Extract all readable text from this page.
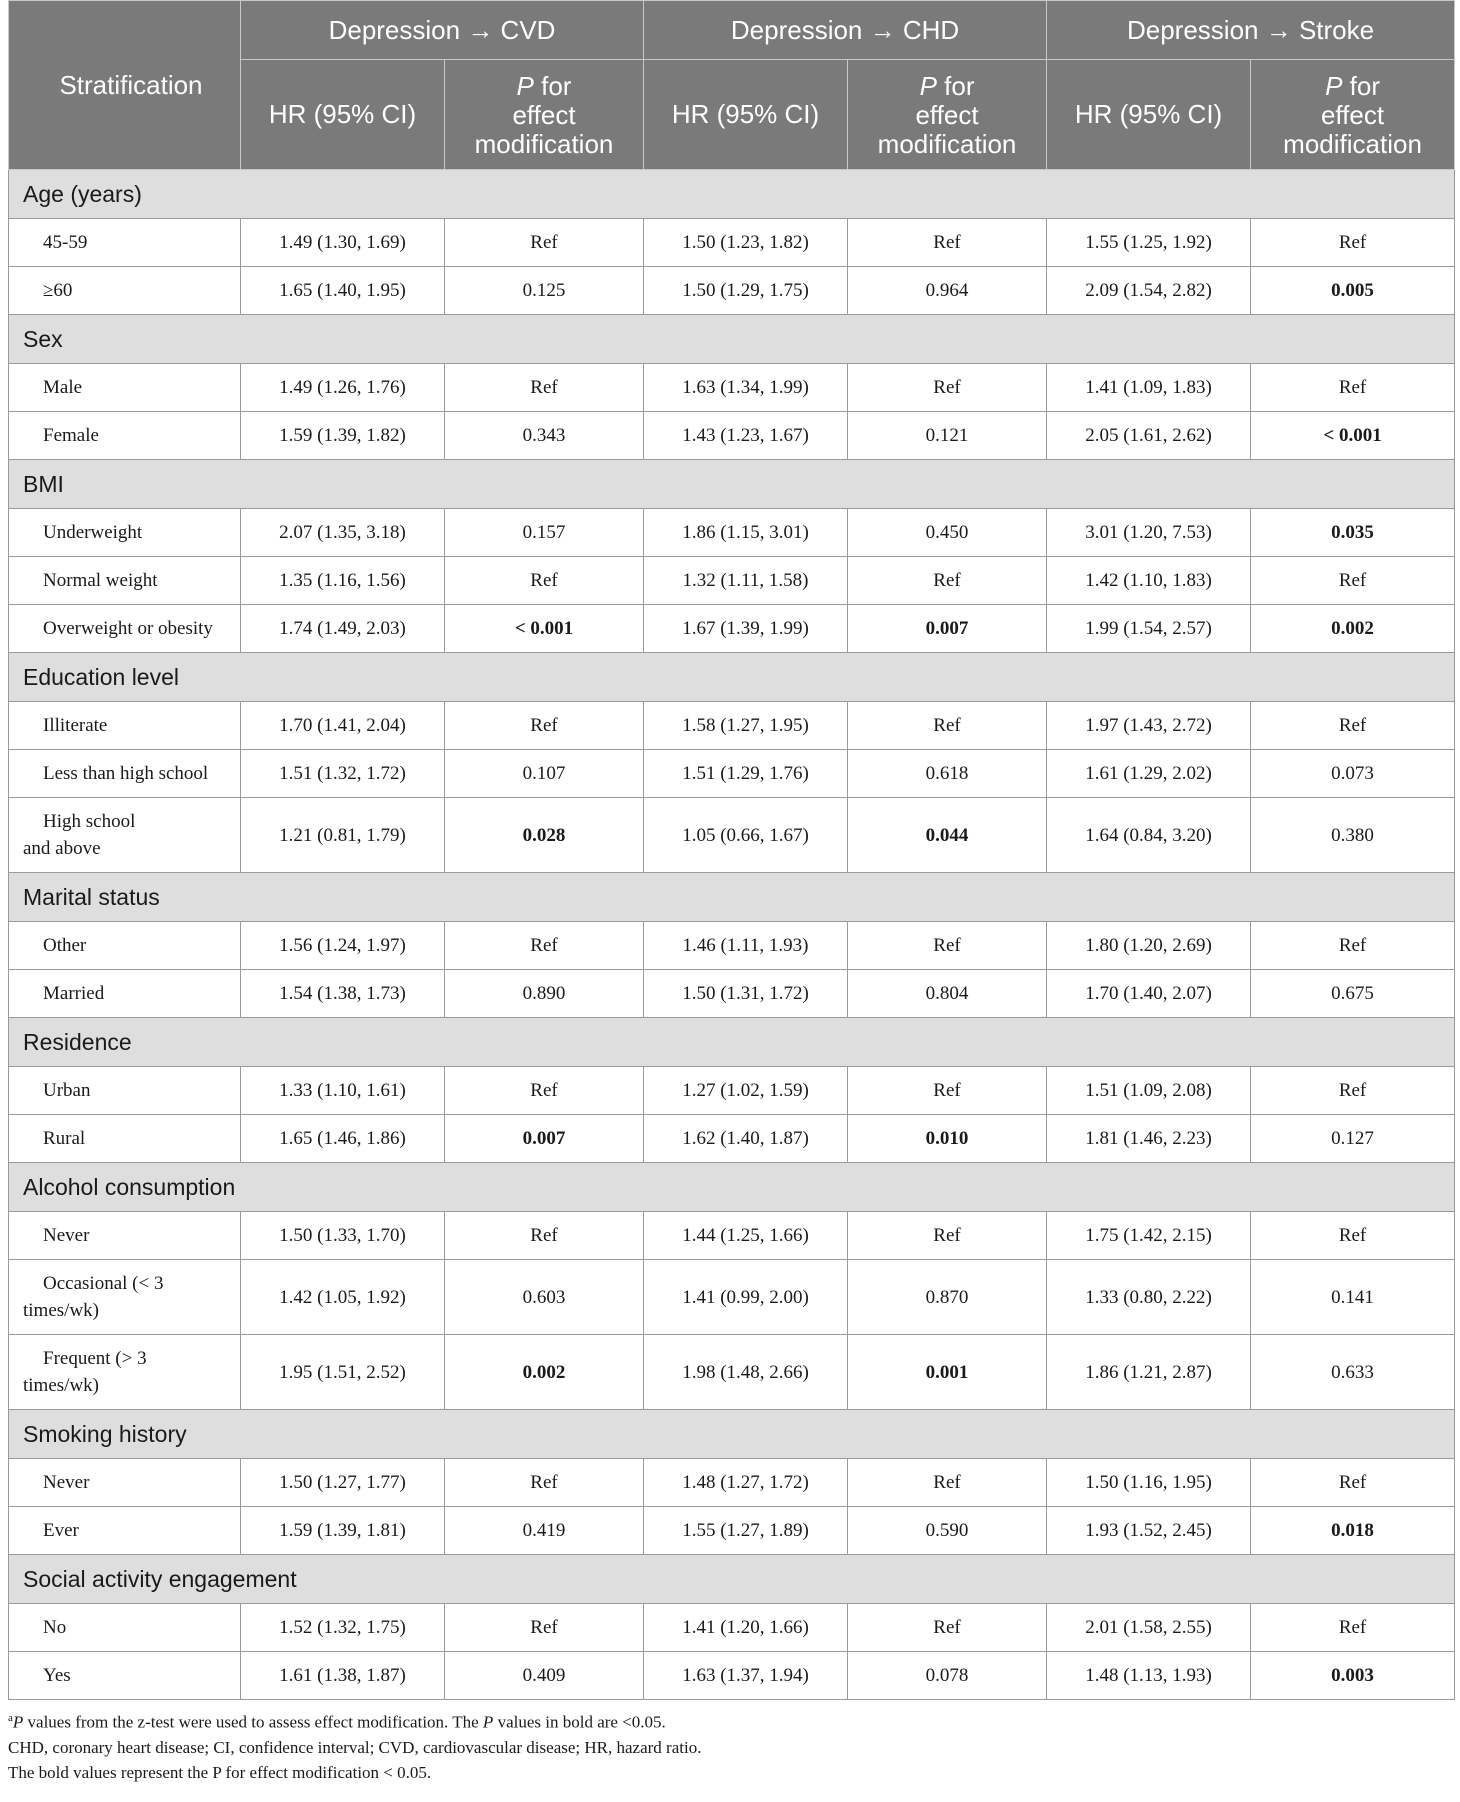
Stratification	Depression → CVD		Depression → CHD		Depression → Stroke	
	HR (95% CI)	P for
effect
modification	HR (95% CI)	P for
effect
modification	HR (95% CI)	P for
effect
modification
Age (years)						
45-59	1.49 (1.30, 1.69)	Ref	1.50 (1.23, 1.82)	Ref	1.55 (1.25, 1.92)	Ref
≥60	1.65 (1.40, 1.95)	0.125	1.50 (1.29, 1.75)	0.964	2.09 (1.54, 2.82)	0.005
Sex						
Male	1.49 (1.26, 1.76)	Ref	1.63 (1.34, 1.99)	Ref	1.41 (1.09, 1.83)	Ref
Female	1.59 (1.39, 1.82)	0.343	1.43 (1.23, 1.67)	0.121	2.05 (1.61, 2.62)	< 0.001
BMI						
Underweight	2.07 (1.35, 3.18)	0.157	1.86 (1.15, 3.01)	0.450	3.01 (1.20, 7.53)	0.035
Normal weight	1.35 (1.16, 1.56)	Ref	1.32 (1.11, 1.58)	Ref	1.42 (1.10, 1.83)	Ref
Overweight or obesity	1.74 (1.49, 2.03)	< 0.001	1.67 (1.39, 1.99)	0.007	1.99 (1.54, 2.57)	0.002
Education level						
Illiterate	1.70 (1.41, 2.04)	Ref	1.58 (1.27, 1.95)	Ref	1.97 (1.43, 2.72)	Ref
Less than high school	1.51 (1.32, 1.72)	0.107	1.51 (1.29, 1.76)	0.618	1.61 (1.29, 2.02)	0.073
High school
and above	1.21 (0.81, 1.79)	0.028	1.05 (0.66, 1.67)	0.044	1.64 (0.84, 3.20)	0.380
Marital status						
Other	1.56 (1.24, 1.97)	Ref	1.46 (1.11, 1.93)	Ref	1.80 (1.20, 2.69)	Ref
Married	1.54 (1.38, 1.73)	0.890	1.50 (1.31, 1.72)	0.804	1.70 (1.40, 2.07)	0.675
Residence						
Urban	1.33 (1.10, 1.61)	Ref	1.27 (1.02, 1.59)	Ref	1.51 (1.09, 2.08)	Ref
Rural	1.65 (1.46, 1.86)	0.007	1.62 (1.40, 1.87)	0.010	1.81 (1.46, 2.23)	0.127
Alcohol consumption						
Never	1.50 (1.33, 1.70)	Ref	1.44 (1.25, 1.66)	Ref	1.75 (1.42, 2.15)	Ref
Occasional (< 3
times/wk)	1.42 (1.05, 1.92)	0.603	1.41 (0.99, 2.00)	0.870	1.33 (0.80, 2.22)	0.141
Frequent (> 3
times/wk)	1.95 (1.51, 2.52)	0.002	1.98 (1.48, 2.66)	0.001	1.86 (1.21, 2.87)	0.633
Smoking history						
Never	1.50 (1.27, 1.77)	Ref	1.48 (1.27, 1.72)	Ref	1.50 (1.16, 1.95)	Ref
Ever	1.59 (1.39, 1.81)	0.419	1.55 (1.27, 1.89)	0.590	1.93 (1.52, 2.45)	0.018
Social activity engagement						
No	1.52 (1.32, 1.75)	Ref	1.41 (1.20, 1.66)	Ref	2.01 (1.58, 2.55)	Ref
Yes	1.61 (1.38, 1.87)	0.409	1.63 (1.37, 1.94)	0.078	1.48 (1.13, 1.93)	0.003
$^a$P values from the z-test were used to assess effect modification. The P values in bold are <0.05.
CHD, coronary heart disease; CI, confidence interval; CVD, cardiovascular disease; HR, hazard ratio.
The bold values represent the P for effect modification < 0.05.
